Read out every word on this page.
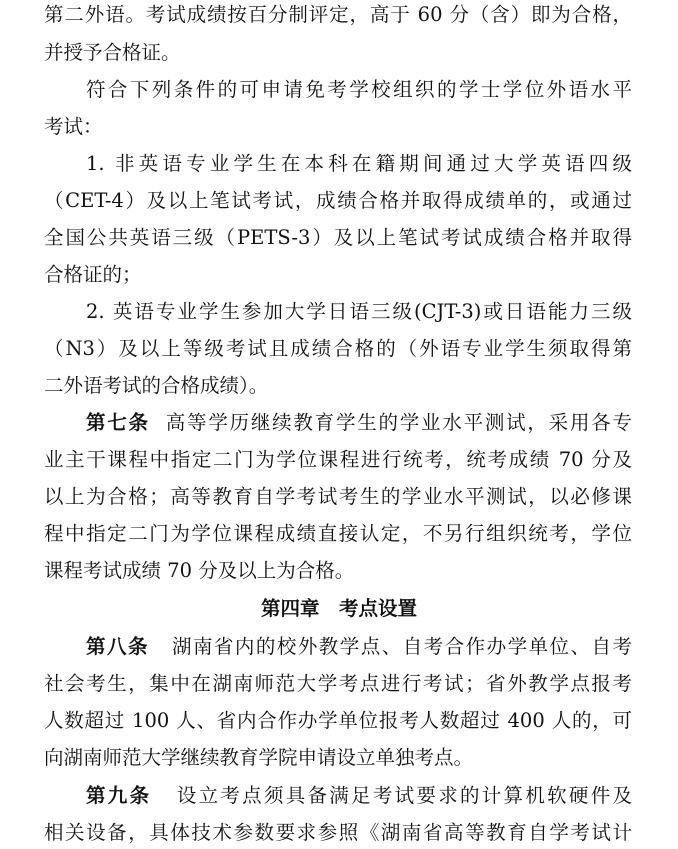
第二外语。考试成绩按百分制评定，高于 60 分（含）即为合格，
并授予合格证。
符合下列条件的可申请免考学校组织的学士学位外语水平
考试：
1. 非英语专业学生在本科在籍期间通过大学英语四级
（CET-4）及以上笔试考试，成绩合格并取得成绩单的，或通过
全国公共英语三级（PETS-3）及以上笔试考试成绩合格并取得
合格证的；
2. 英语专业学生参加大学日语三级(CJT-3)或日语能力三级
（N3）及以上等级考试且成绩合格的（外语专业学生须取得第
二外语考试的合格成绩）。
第七条 高等学历继续教育学生的学业水平测试，采用各专
业主干课程中指定二门为学位课程进行统考，统考成绩 70 分及
以上为合格；高等教育自学考试考生的学业水平测试，以必修课
程中指定二门为学位课程成绩直接认定，不另行组织统考，学位
课程考试成绩 70 分及以上为合格。
第四章　考点设置
第八条 湖南省内的校外教学点、自考合作办学单位、自考
社会考生，集中在湖南师范大学考点进行考试；省外教学点报考
人数超过 100 人、省内合作办学单位报考人数超过 400 人的，可
向湖南师范大学继续教育学院申请设立单独考点。
第九条 设立考点须具备满足考试要求的计算机软硬件及
相关设备，具体技术参数要求参照《湖南省高等教育自学考试计
